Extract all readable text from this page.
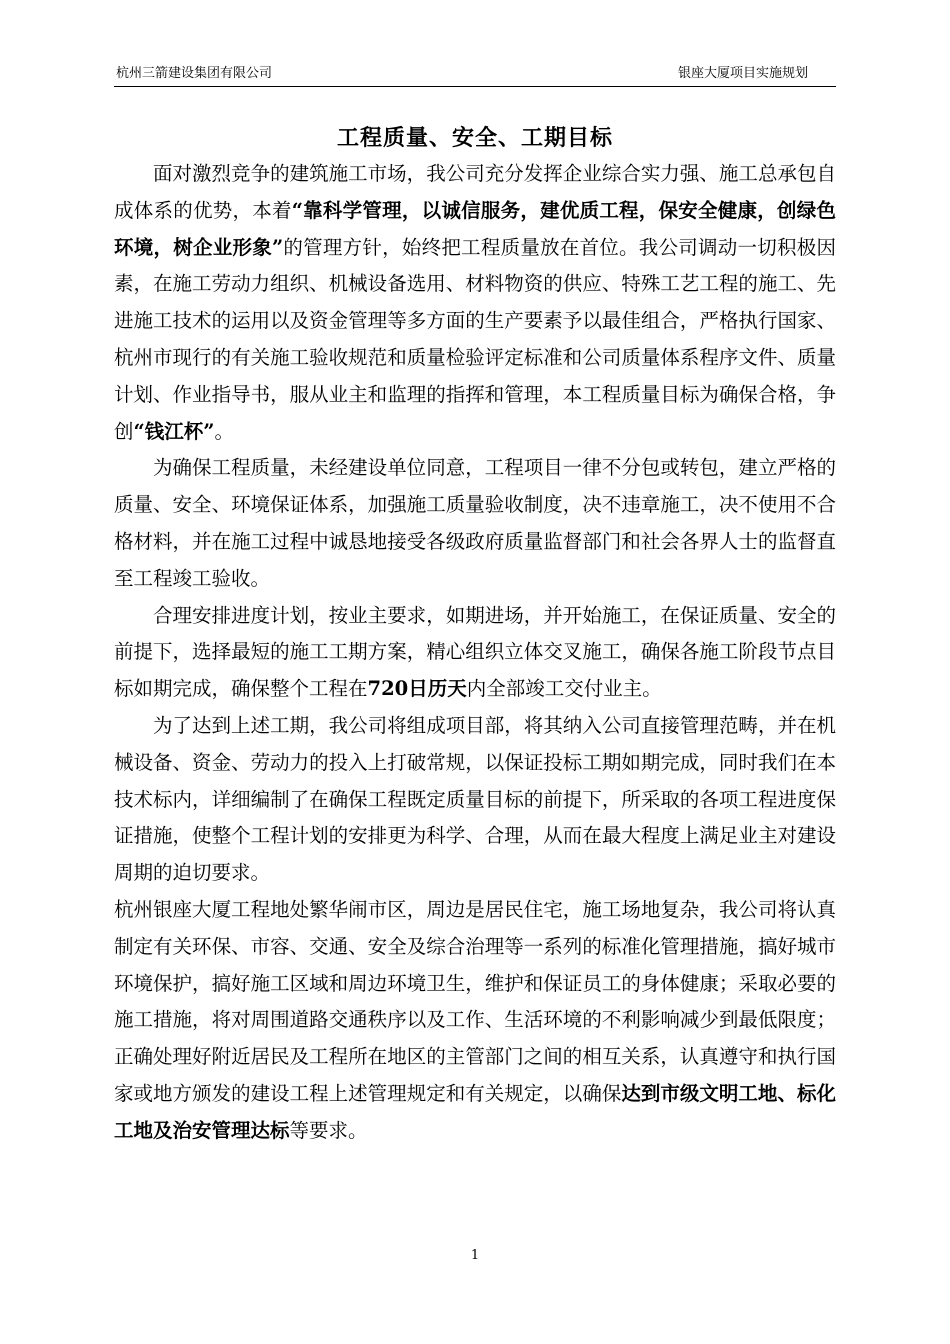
杭州三箭建设集团有限公司	银座大厦项目实施规划
工程质量、安全、工期目标

面对激烈竞争的建筑施工市场，我公司充分发挥企业综合实力强、施工总承包自成体系的优势，本着“靠科学管理，以诚信服务，建优质工程，保安全健康，创绿色环境，树企业形象”的管理方针，始终把工程质量放在首位。我公司调动一切积极因素，在施工劳动力组织、机械设备选用、材料物资的供应、特殊工艺工程的施工、先进施工技术的运用以及资金管理等多方面的生产要素予以最佳组合，严格执行国家、杭州市现行的有关施工验收规范和质量检验评定标准和公司质量体系程序文件、质量计划、作业指导书，服从业主和监理的指挥和管理，本工程质量目标为确保合格，争创“钱江杯”。

为确保工程质量，未经建设单位同意，工程项目一律不分包或转包，建立严格的质量、安全、环境保证体系，加强施工质量验收制度，决不违章施工，决不使用不合格材料，并在施工过程中诚恳地接受各级政府质量监督部门和社会各界人士的监督直至工程竣工验收。

合理安排进度计划，按业主要求，如期进场，并开始施工，在保证质量、安全的前提下，选择最短的施工工期方案，精心组织立体交叉施工，确保各施工阶段节点目标如期完成，确保整个工程在720日历天内全部竣工交付业主。

为了达到上述工期，我公司将组成项目部，将其纳入公司直接管理范畴，并在机械设备、资金、劳动力的投入上打破常规，以保证投标工期如期完成，同时我们在本技术标内，详细编制了在确保工程既定质量目标的前提下，所采取的各项工程进度保证措施，使整个工程计划的安排更为科学、合理，从而在最大程度上满足业主对建设周期的迫切要求。

杭州银座大厦工程地处繁华闹市区，周边是居民住宅，施工场地复杂，我公司将认真制定有关环保、市容、交通、安全及综合治理等一系列的标准化管理措施，搞好城市环境保护，搞好施工区域和周边环境卫生，维护和保证员工的身体健康；采取必要的施工措施，将对周围道路交通秩序以及工作、生活环境的不利影响减少到最低限度；正确处理好附近居民及工程所在地区的主管部门之间的相互关系，认真遵守和执行国家或地方颁发的建设工程上述管理规定和有关规定，以确保达到市级文明工地、标化工地及治安管理达标等要求。

1
